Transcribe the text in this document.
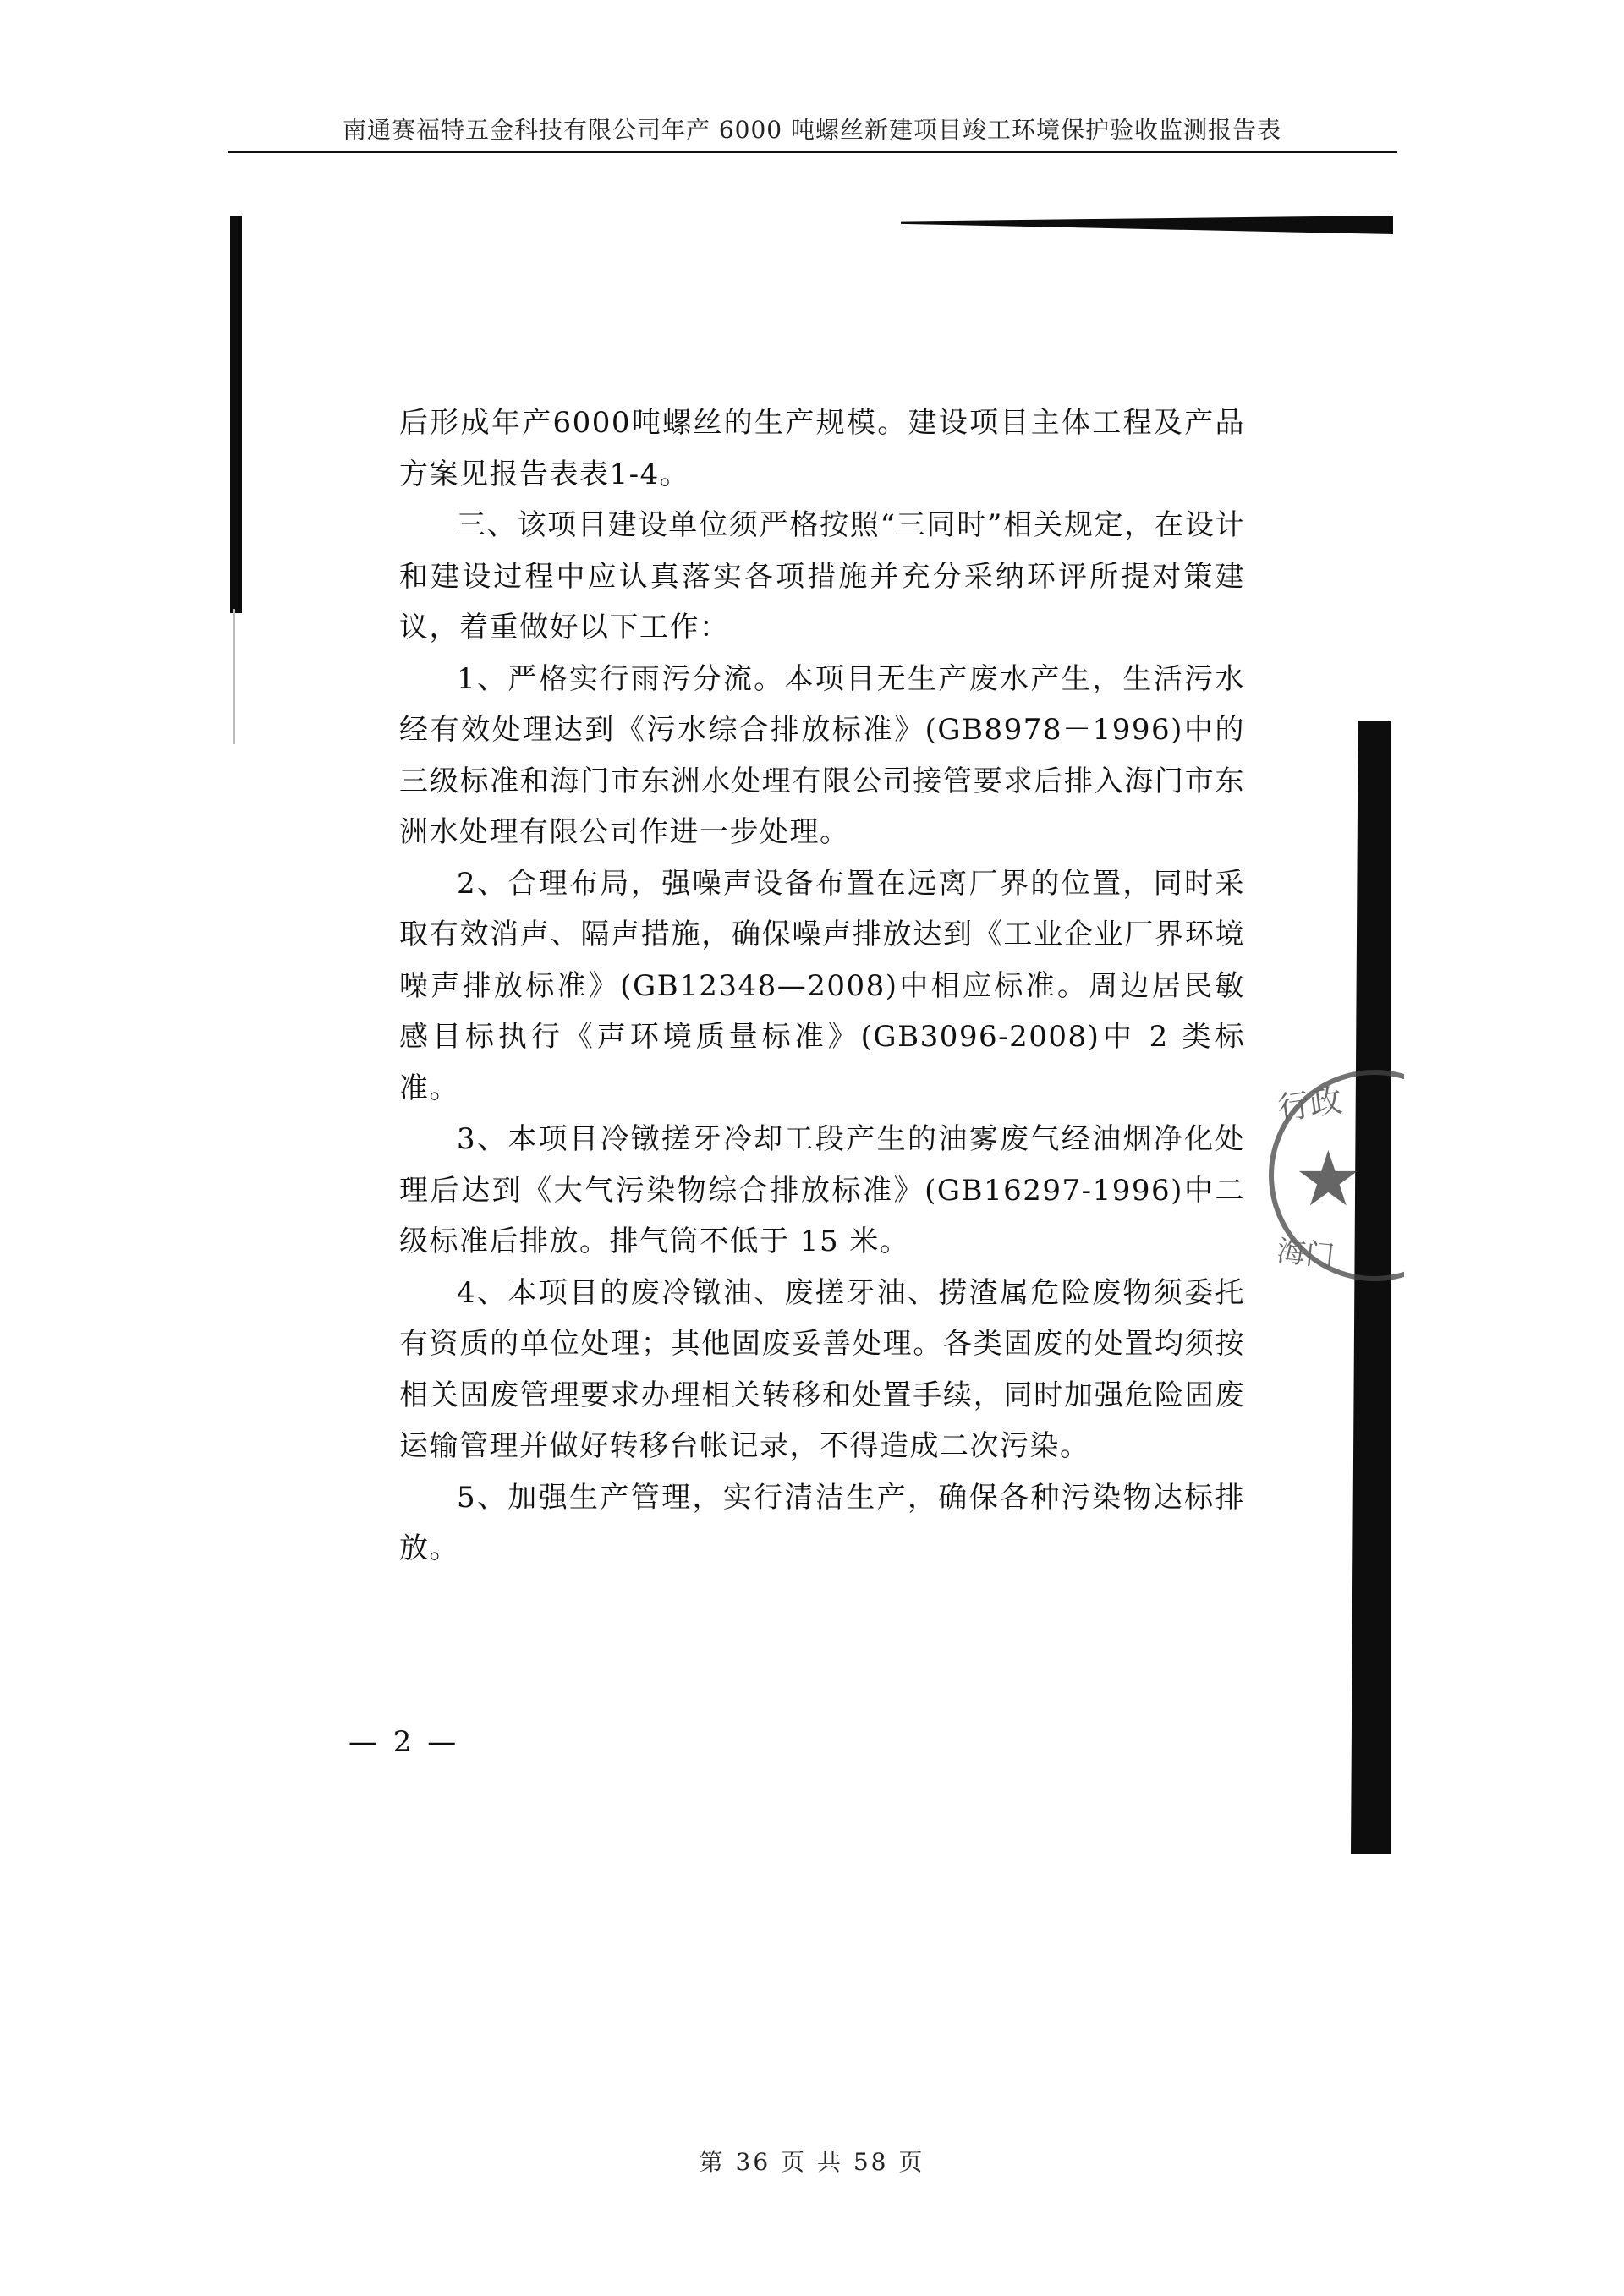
南通赛福特五金科技有限公司年产 6000 吨螺丝新建项目竣工环境保护验收监测报告表

后形成年产6000吨螺丝的生产规模。建设项目主体工程及产品方案见报告表表1-4。

三、该项目建设单位须严格按照“三同时”相关规定，在设计和建设过程中应认真落实各项措施并充分采纳环评所提对策建议，着重做好以下工作：

1、严格实行雨污分流。本项目无生产废水产生，生活污水经有效处理达到《污水综合排放标准》(GB8978－1996)中的三级标准和海门市东洲水处理有限公司接管要求后排入海门市东洲水处理有限公司作进一步处理。

2、合理布局，强噪声设备布置在远离厂界的位置，同时采取有效消声、隔声措施，确保噪声排放达到《工业企业厂界环境噪声排放标准》(GB12348—2008)中相应标准。周边居民敏感目标执行《声环境质量标准》(GB3096-2008)中 2 类标准。

3、本项目冷镦搓牙冷却工段产生的油雾废气经油烟净化处理后达到《大气污染物综合排放标准》(GB16297-1996)中二级标准后排放。排气筒不低于 15 米。

4、本项目的废冷镦油、废搓牙油、捞渣属危险废物须委托有资质的单位处理；其他固废妥善处理。各类固废的处置均须按相关固废管理要求办理相关转移和处置手续，同时加强危险固废运输管理并做好转移台帐记录，不得造成二次污染。

5、加强生产管理，实行清洁生产，确保各种污染物达标排放。

行政
★
海门
— 2 —
第 36 页 共 58 页
